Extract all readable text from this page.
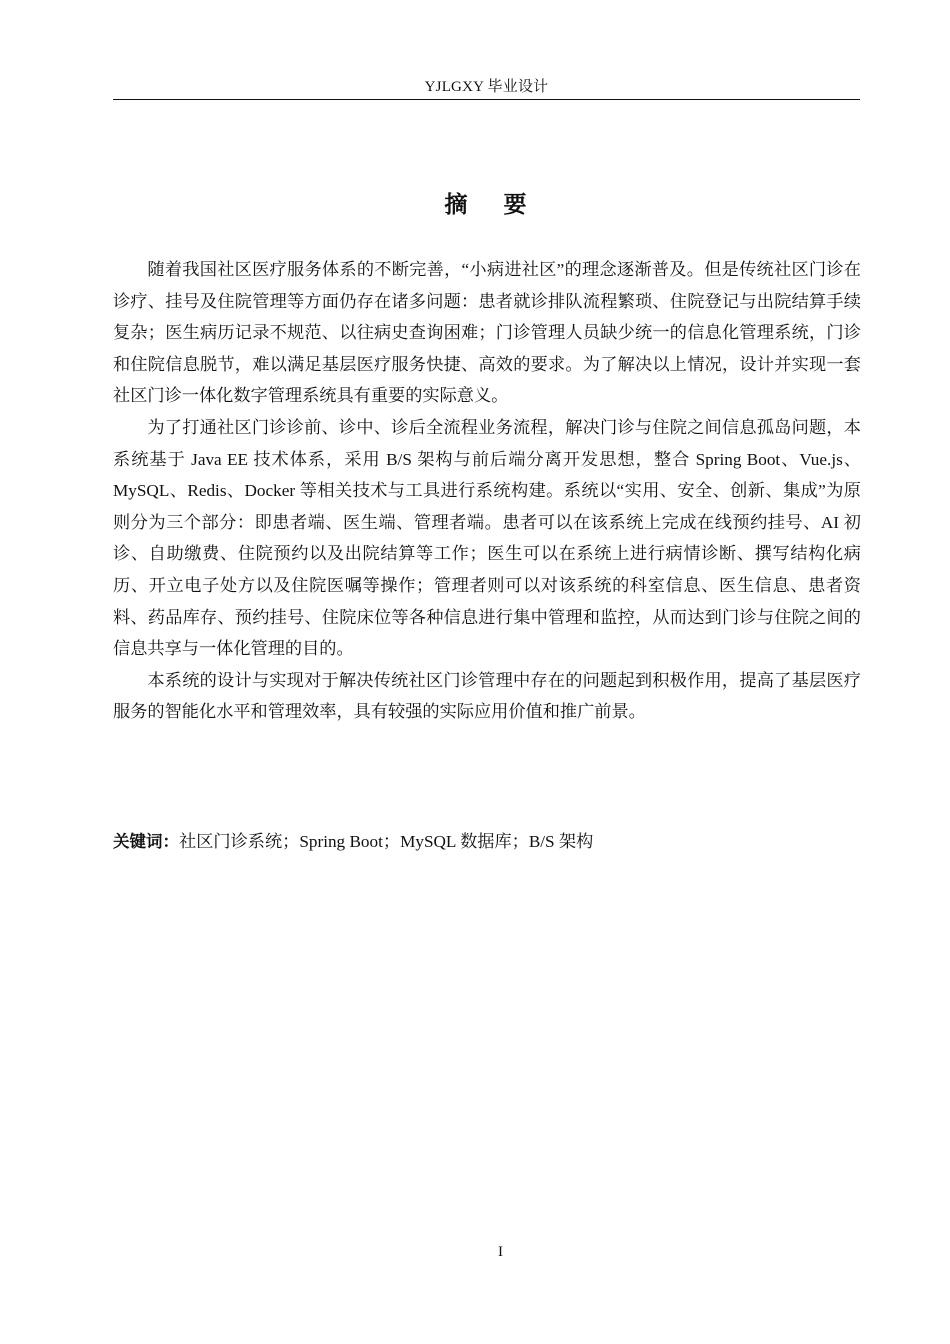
YJLGXY 毕业设计
摘 要

随着我国社区医疗服务体系的不断完善，“小病进社区”的理念逐渐普及。但是传统社区门诊在诊疗、挂号及住院管理等方面仍存在诸多问题：患者就诊排队流程繁琐、住院登记与出院结算手续复杂；医生病历记录不规范、以往病史查询困难；门诊管理人员缺少统一的信息化管理系统，门诊和住院信息脱节，难以满足基层医疗服务快捷、高效的要求。为了解决以上情况，设计并实现一套社区门诊一体化数字管理系统具有重要的实际意义。

为了打通社区门诊诊前、诊中、诊后全流程业务流程，解决门诊与住院之间信息孤岛问题，本系统基于 Java EE 技术体系，采用 B/S 架构与前后端分离开发思想，整合 Spring Boot、Vue.js、MySQL、Redis、Docker 等相关技术与工具进行系统构建。系统以“实用、安全、创新、集成”为原则分为三个部分：即患者端、医生端、管理者端。患者可以在该系统上完成在线预约挂号、AI 初诊、自助缴费、住院预约以及出院结算等工作；医生可以在系统上进行病情诊断、撰写结构化病历、开立电子处方以及住院医嘱等操作；管理者则可以对该系统的科室信息、医生信息、患者资料、药品库存、预约挂号、住院床位等各种信息进行集中管理和监控，从而达到门诊与住院之间的信息共享与一体化管理的目的。

本系统的设计与实现对于解决传统社区门诊管理中存在的问题起到积极作用，提高了基层医疗服务的智能化水平和管理效率，具有较强的实际应用价值和推广前景。

关键词：社区门诊系统；Spring Boot；MySQL 数据库；B/S 架构
I
